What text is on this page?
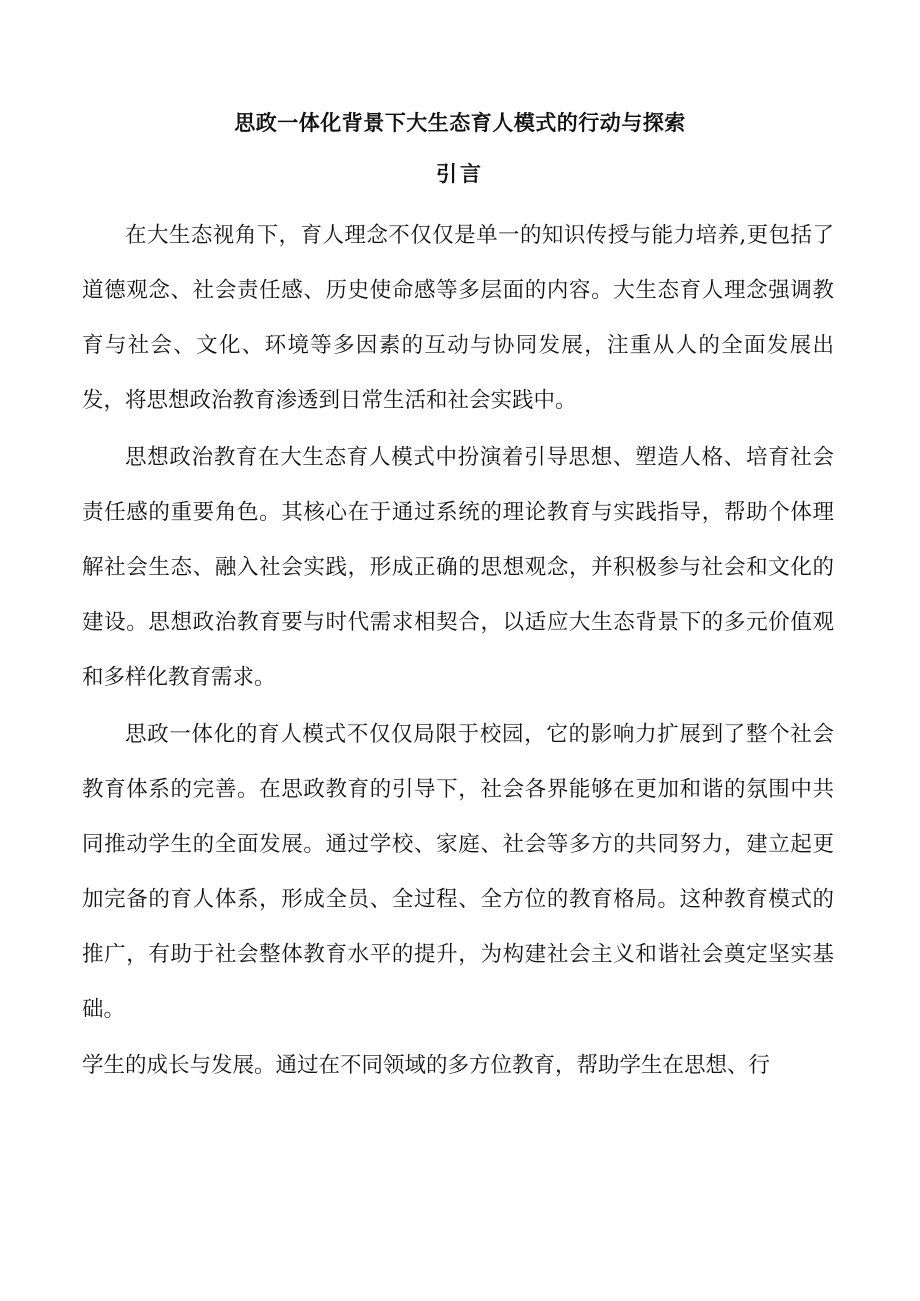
思政一体化背景下大生态育人模式的行动与探索
引言

在大生态视角下，育人理念不仅仅是单一的知识传授与能力培养,更包括了道德观念、社会责任感、历史使命感等多层面的内容。大生态育人理念强调教育与社会、文化、环境等多因素的互动与协同发展，注重从人的全面发展出发，将思想政治教育渗透到日常生活和社会实践中。

思想政治教育在大生态育人模式中扮演着引导思想、塑造人格、培育社会责任感的重要角色。其核心在于通过系统的理论教育与实践指导，帮助个体理解社会生态、融入社会实践，形成正确的思想观念，并积极参与社会和文化的建设。思想政治教育要与时代需求相契合，以适应大生态背景下的多元价值观和多样化教育需求。

思政一体化的育人模式不仅仅局限于校园，它的影响力扩展到了整个社会教育体系的完善。在思政教育的引导下，社会各界能够在更加和谐的氛围中共同推动学生的全面发展。通过学校、家庭、社会等多方的共同努力，建立起更加完备的育人体系，形成全员、全过程、全方位的教育格局。这种教育模式的推广，有助于社会整体教育水平的提升，为构建社会主义和谐社会奠定坚实基础。

学生的成长与发展。通过在不同领域的多方位教育，帮助学生在思想、行
